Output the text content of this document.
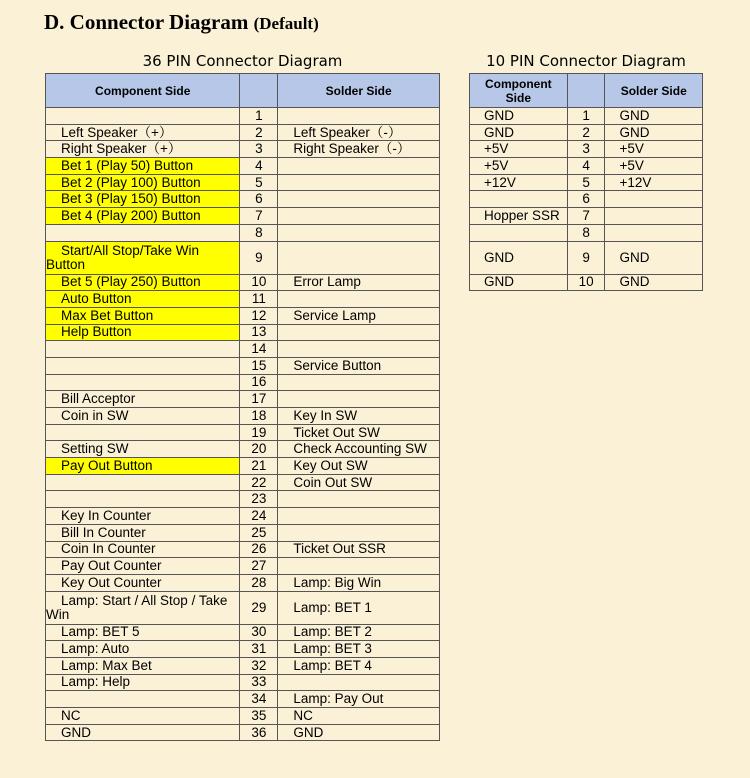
D. Connector Diagram (Default)
36 PIN Connector Diagram	10 PIN Connector Diagram
Component Side		Solder Side
	1	
Left Speaker（+）	2	Left Speaker（-）
Right Speaker（+）	3	Right Speaker（-）
Bet 1 (Play 50) Button	4	
Bet 2 (Play 100) Button	5	
Bet 3 (Play 150) Button	6	
Bet 4 (Play 200) Button	7	
	8	

Start/All Stop/Take Win
Button	9	
Bet 5 (Play 250) Button	10	Error Lamp
Auto Button	11	
Max Bet Button	12	Service Lamp
Help Button	13	
	14	
	15	Service Button
	16	
Bill Acceptor	17	
Coin in SW	18	Key In SW
	19	Ticket Out SW
Setting SW	20	Check Accounting SW
Pay Out Button	21	Key Out SW
	22	Coin Out SW
	23	
Key In Counter	24	
Bill In Counter	25	
Coin In Counter	26	Ticket Out SSR
Pay Out Counter	27	
Key Out Counter	28	Lamp: Big Win

Lamp: Start / All Stop / Take
Win	29	Lamp: BET 1
Lamp: BET 5	30	Lamp: BET 2
Lamp: Auto	31	Lamp: BET 3
Lamp: Max Bet	32	Lamp: BET 4
Lamp: Help	33	
	34	Lamp: Pay Out
NC	35	NC
GND	36	GND
Component
Side		Solder Side
GND	1	GND
GND	2	GND
+5V	3	+5V
+5V	4	+5V
+12V	5	+12V
	6	
Hopper SSR	7	
	8	
GND	9	GND
GND	10	GND
